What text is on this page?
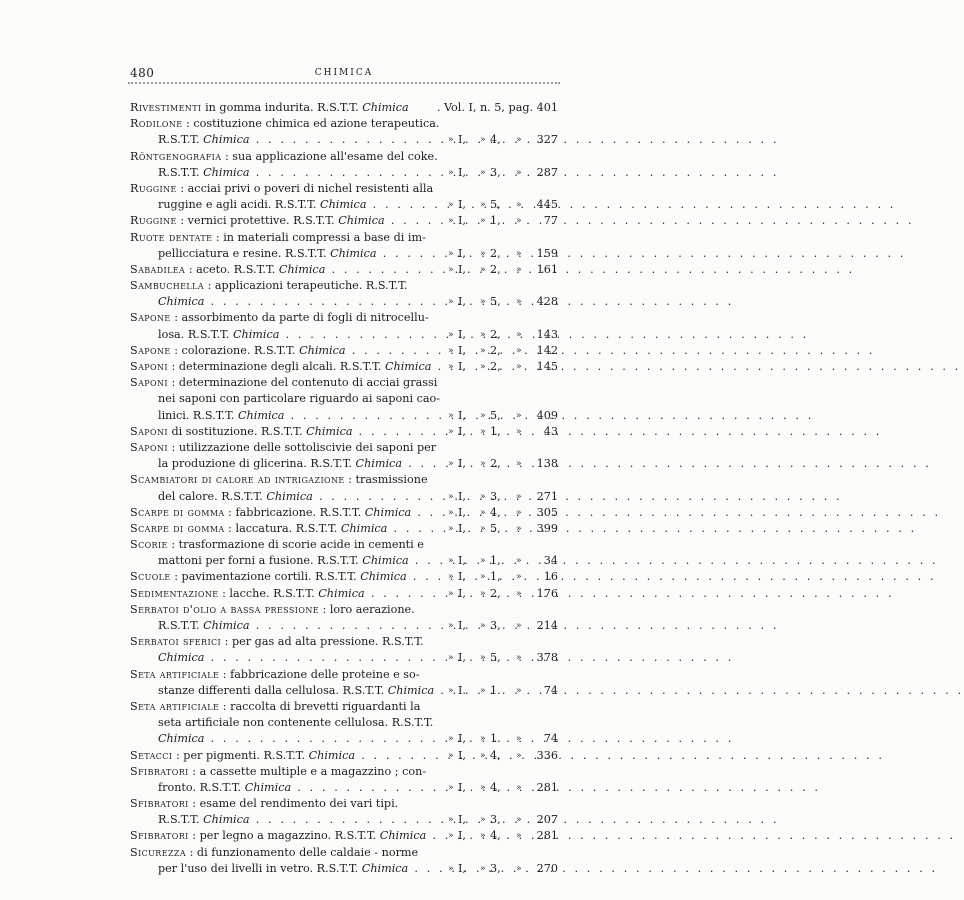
480	CHIMICA
Rivestimenti in gomma indurita. R.S.T.T. Chimica	. Vol. I, n. 5, pag. 401
Rodilone : costituzione chimica ed azione terapeutica.
R.S.T.T. Chimica . . .	» I, » 4, » 327
Röntgenografia : sua applicazione all'esame del coke.
R.S.T.T. Chimica . . .	» I, » 3, » 287
Ruggine : acciai privi o poveri di nichel resistenti alla
ruggine e agli acidi. R.S.T.T. Chimica . . .	» I, » 5, » 445
Ruggine : vernici protettive. R.S.T.T. Chimica . . .	» I, » 1, » 77
Ruote dentate : in materiali compressi a base di im-
pellicciatura e resine. R.S.T.T. Chimica . . .	» I, » 2, » 159
Sabadilea : aceto. R.S.T.T. Chimica . . .	» I, » 2, » 161
Sambuchella : applicazioni terapeutiche. R.S.T.T.
Chimica . . .	» I, » 5, » 428
Sapone : assorbimento da parte di fogli di nitrocellu-
losa. R.S.T.T. Chimica . . .	» I, » 2, » 143
Sapone : colorazione. R.S.T.T. Chimica . . .	» I, » 2, » 142
Saponi : determinazione degli alcali. R.S.T.T. Chimica . . . » I, » 2, » 145
Saponi : determinazione del contenuto di acciai grassi
nei saponi con particolare riguardo ai saponi cao-
linici. R.S.T.T. Chimica . . .	» I, » 5, » 409
Saponi di sostituzione. R.S.T.T. Chimica . . .	» I, » 1, » 43
Saponi : utilizzazione delle sottoliscivie dei saponi per
la produzione di glicerina. R.S.T.T. Chimica . . .	» I, » 2, » 138
Scambiatori di calore ad intrigazione : trasmissione
del calore. R.S.T.T. Chimica . . .	» I, » 3, » 271
Scarpe di gomma : fabbricazione. R.S.T.T. Chimica . . .	» I, » 4, » 305
Scarpe di gomma : laccatura. R.S.T.T. Chimica . . .	» I, » 5, » 399
Scorie : trasformazione di scorie acide in cementi e
mattoni per forni a fusione. R.S.T.T. Chimica . . .	» I, » 1, » 34
Scuole : pavimentazione cortili. R.S.T.T. Chimica . . .	» I, » 1, » 16
Sedimentazione : lacche. R.S.T.T. Chimica . . .	» I, » 2, » 176
Serbatoi d'olio a bassa pressione : loro aerazione.
R.S.T.T. Chimica . . .	» I, » 3, » 214
Serbatoi sferici : per gas ad alta pressione. R.S.T.T.
Chimica . . .	» I, » 5, » 378
Seta artificiale : fabbricazione delle proteine e so-
stanze differenti dalla cellulosa. R.S.T.T. Chimica . . . » I. » 1. » 74
Seta artificiale : raccolta di brevetti riguardanti la
seta artificiale non contenente cellulosa. R.S.T.T.
Chimica . . .	» I, » 1. » 74
Setacci : per pigmenti. R.S.T.T. Chimica . . .	» I, » 4, » 336
Sfibratori : a cassette multiple e a magazzino ; con-
fronto. R.S.T.T. Chimica . . .	» I, » 4, » 281
Sfibratori : esame del rendimento dei vari tipi.
R.S.T.T. Chimica . . .	» I, » 3, » 207
Sfibratori : per legno a magazzino. R.S.T.T. Chimica . . . » I, » 4, » 281
Sicurezza : di funzionamento delle caldaie - norme
per l'uso dei livelli in vetro. R.S.T.T. Chimica . . .	» I, » 3, » 270
